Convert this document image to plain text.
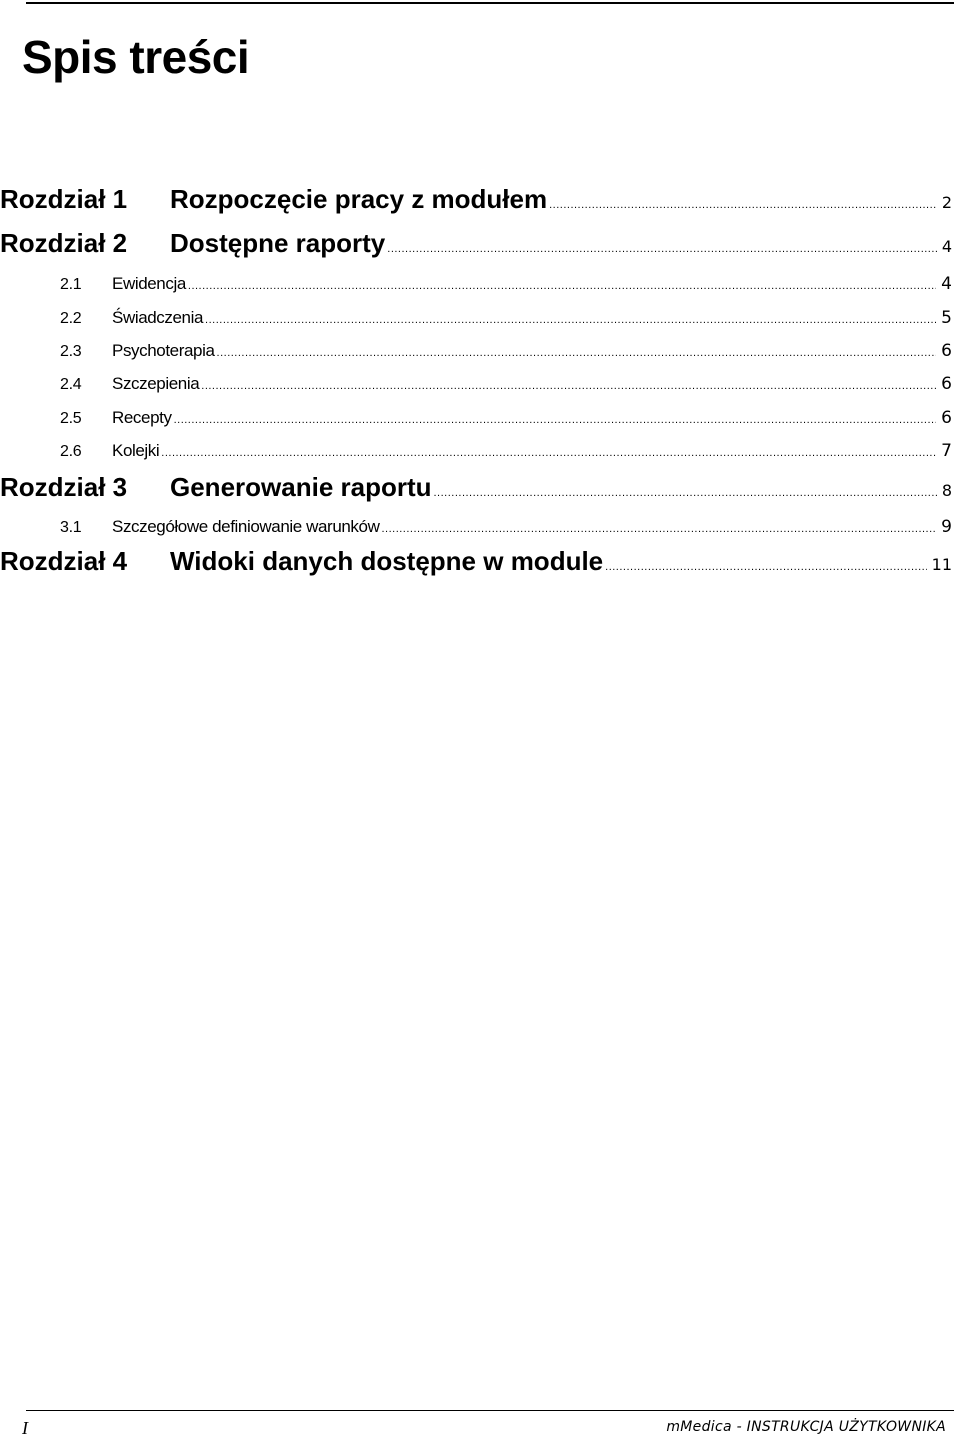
Spis treści
Rozdział 1	Rozpoczęcie pracy z modułem .....	2
Rozdział 2	Dostępne raporty .....	4
2.1	Ewidencja .....	4
2.2	Świadczenia .....	5
2.3	Psychoterapia .....	6
2.4	Szczepienia .....	6
2.5	Recepty .....	6
2.6	Kolejki .....	7
Rozdział 3	Generowanie raportu .....	8
3.1	Szczegółowe definiowanie warunków .....	9
Rozdział 4	Widoki danych dostępne w module .....	11
I	mMedica - INSTRUKCJA UŻYTKOWNIKA
